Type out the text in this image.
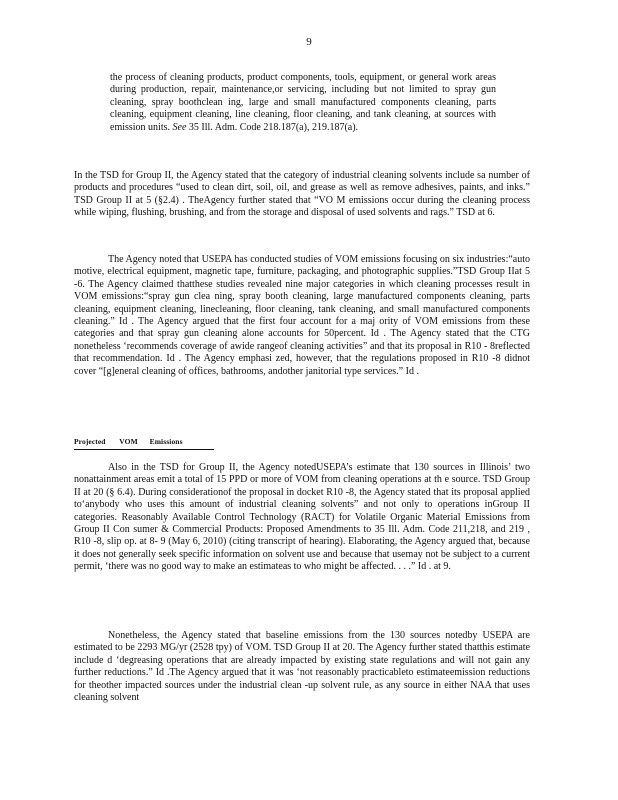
9

the process of cleaning products, product components, tools, equipment, or general work areas during production, repair, maintenance,or servicing, including but not limited to spray gun cleaning, spray boothclean ing, large and small manufactured components cleaning, parts cleaning, equipment cleaning, line cleaning, floor cleaning, and tank cleaning, at sources with emission units. See 35 Ill. Adm. Code 218.187(a), 219.187(a).

In the TSD for Group II, the Agency stated that the category of industrial cleaning solvents include sa number of products and procedures “used to clean dirt, soil, oil, and grease as well as remove adhesives, paints, and inks.” TSD Group II at 5 (§2.4) . TheAgency further stated that “VO M emissions occur during the cleaning process while wiping, flushing, brushing, and from the storage and disposal of used solvents and rags.” TSD at 6.

The Agency noted that USEPA has conducted studies of VOM emissions focusing on six industries:“auto motive, electrical equipment, magnetic tape, furniture, packaging, and photographic supplies.”TSD Group IIat 5 -6. The Agency claimed thatthese studies revealed nine major categories in which cleaning processes result in VOM emissions:“spray gun clea ning, spray booth cleaning, large manufactured components cleaning, parts cleaning, equipment cleaning, linecleaning, floor cleaning, tank cleaning, and small manufactured components cleaning.” Id . The Agency argued that the first four account for a maj ority of VOM emissions from these categories and that spray gun cleaning alone accounts for 50percent. Id . The Agency stated that the CTG nonetheless ‘recommends coverage of awide rangeof cleaning activities” and that its proposal in R10 - 8reflected that recommendation. Id . The Agency emphasi zed, however, that the regulations proposed in R10 -8 didnot cover “[g]eneral cleaning of offices, bathrooms, andother janitorial type services.” Id .

Projected       VOM      Emissions

Also in the TSD for Group II, the Agency notedUSEPA’s estimate that 130 sources in Illinois’ two nonattainment areas emit a total of 15 PPD or more of VOM from cleaning operations at th e source. TSD Group II at 20 (§ 6.4). During considerationof the proposal in docket R10 -8, the Agency stated that its proposal applied to‘anybody who uses this amount of industrial cleaning solvents” and not only to operations inGroup II categories. Reasonably Available Control Technology (RACT) for Volatile Organic Material Emissions from Group II Con sumer & Commercial Products: Proposed Amendments to 35 Ill. Adm. Code 211,218, and 219 , R10 -8, slip op. at 8- 9 (May 6, 2010) (citing transcript of hearing). Elaborating, the Agency argued that, because it does not generally seek specific information on solvent use and because that usemay not be subject to a current permit, ‘there was no good way to make an estimateas to who might be affected. . . .” Id . at 9.

Nonetheless, the Agency stated that baseline emissions from the 130 sources notedby USEPA are estimated to be 2293 MG/yr (2528 tpy) of VOM. TSD Group II at 20. The Agency further stated thatthis estimate include d ‘degreasing operations that are already impacted by existing state regulations and will not gain any further reductions.” Id .The Agency argued that it was ‘not reasonably practicableto estimateemission reductions for theother impacted sources under the industrial clean -up solvent rule, as any source in either NAA that uses cleaning solvent
